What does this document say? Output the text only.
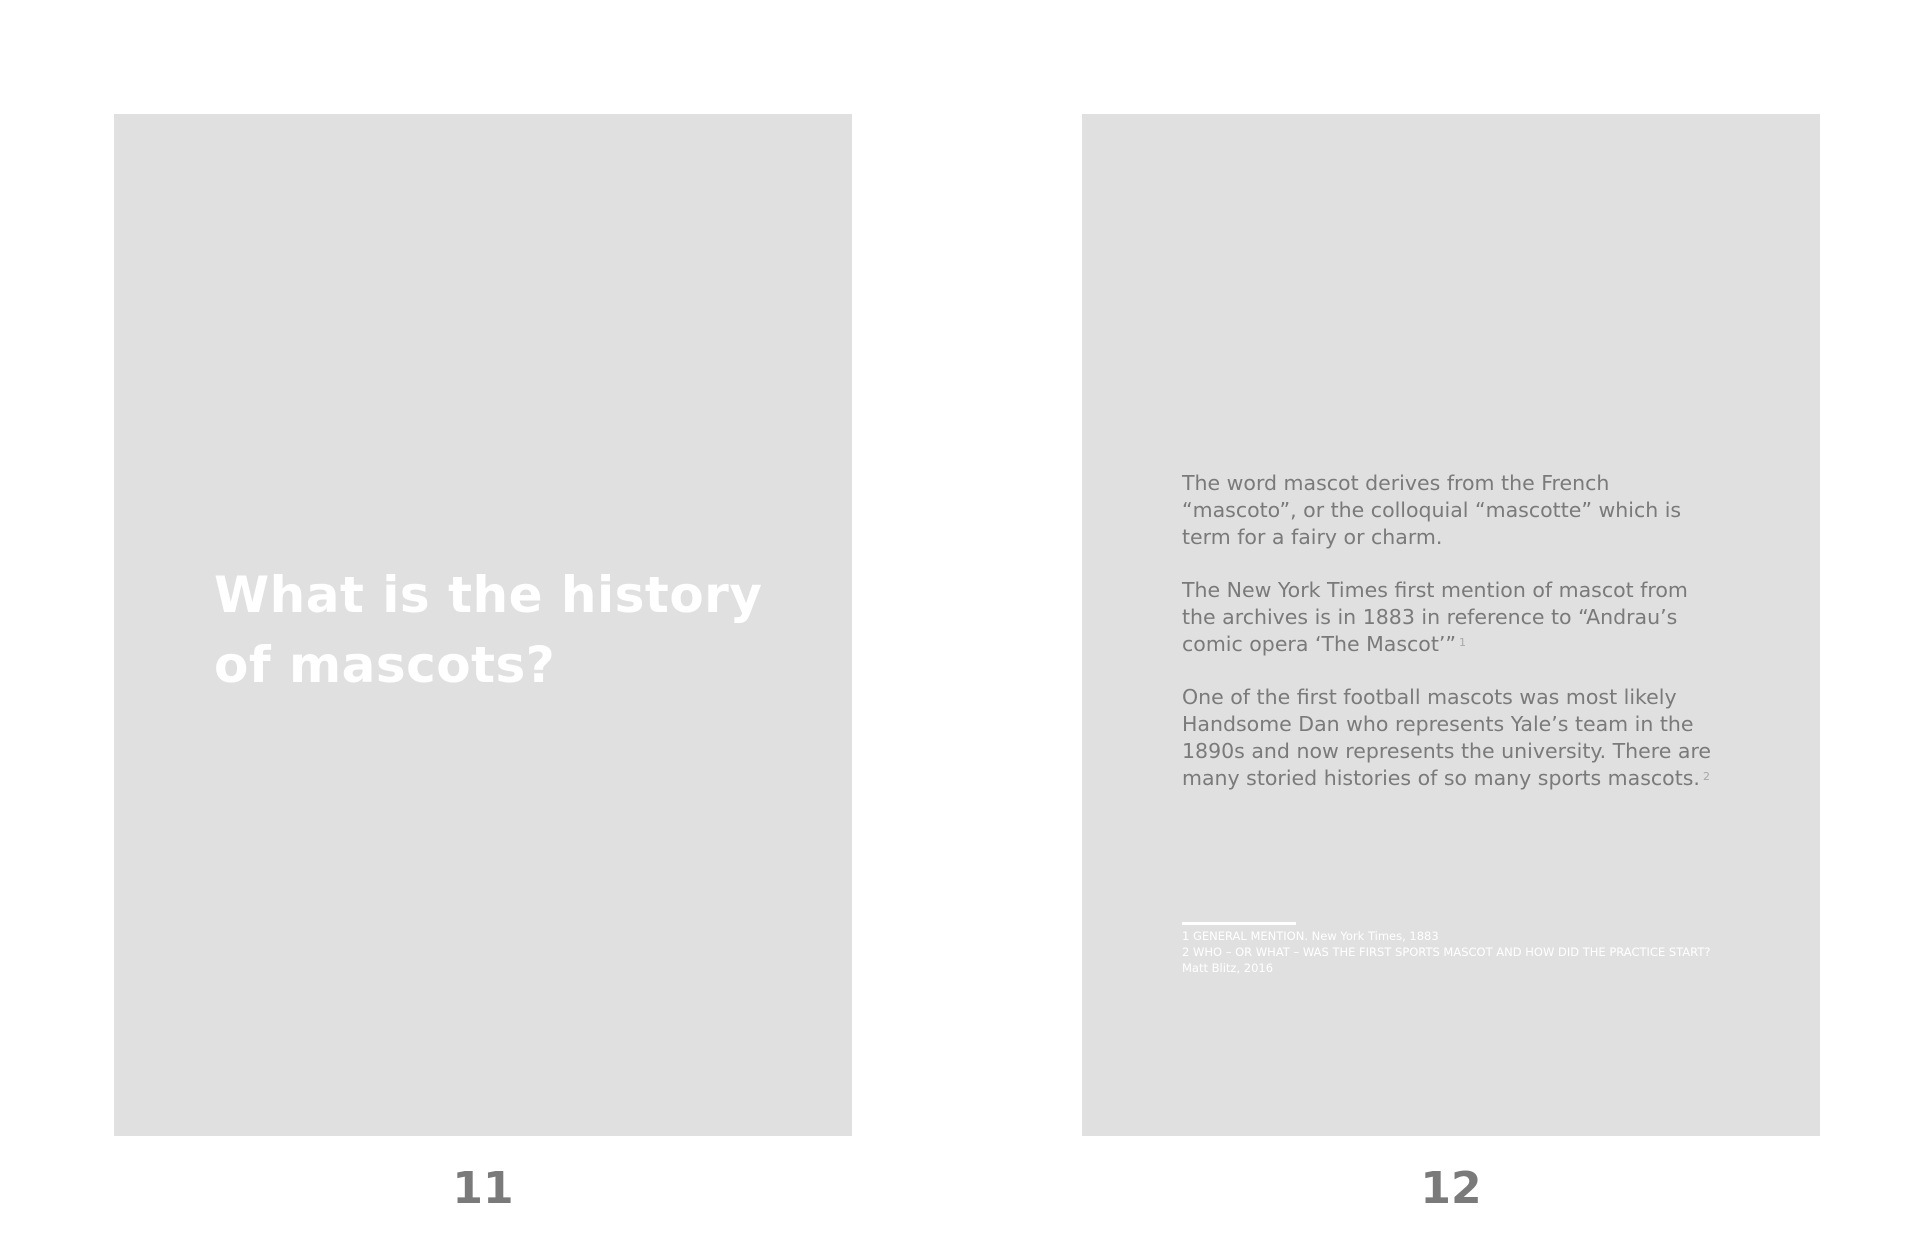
What is the history of mascots?

The word mascot derives from the French “mascoto”, or the colloquial “mascotte” which is term for a fairy or charm.

The New York Times first mention of mascot from the archives is in 1883 in reference to “Andrau’s comic opera ‘The Mascot’” $^1$

One of the first football mascots was most likely Handsome Dan who represents Yale’s team in the 1890s and now represents the university. There are many storied histories of so many sports mascots. $^2$

1 GENERAL MENTION. New York Times, 1883
2 WHO – OR WHAT – WAS THE FIRST SPORTS MASCOT AND HOW DID THE PRACTICE START? Matt Blitz, 2016

11	12
